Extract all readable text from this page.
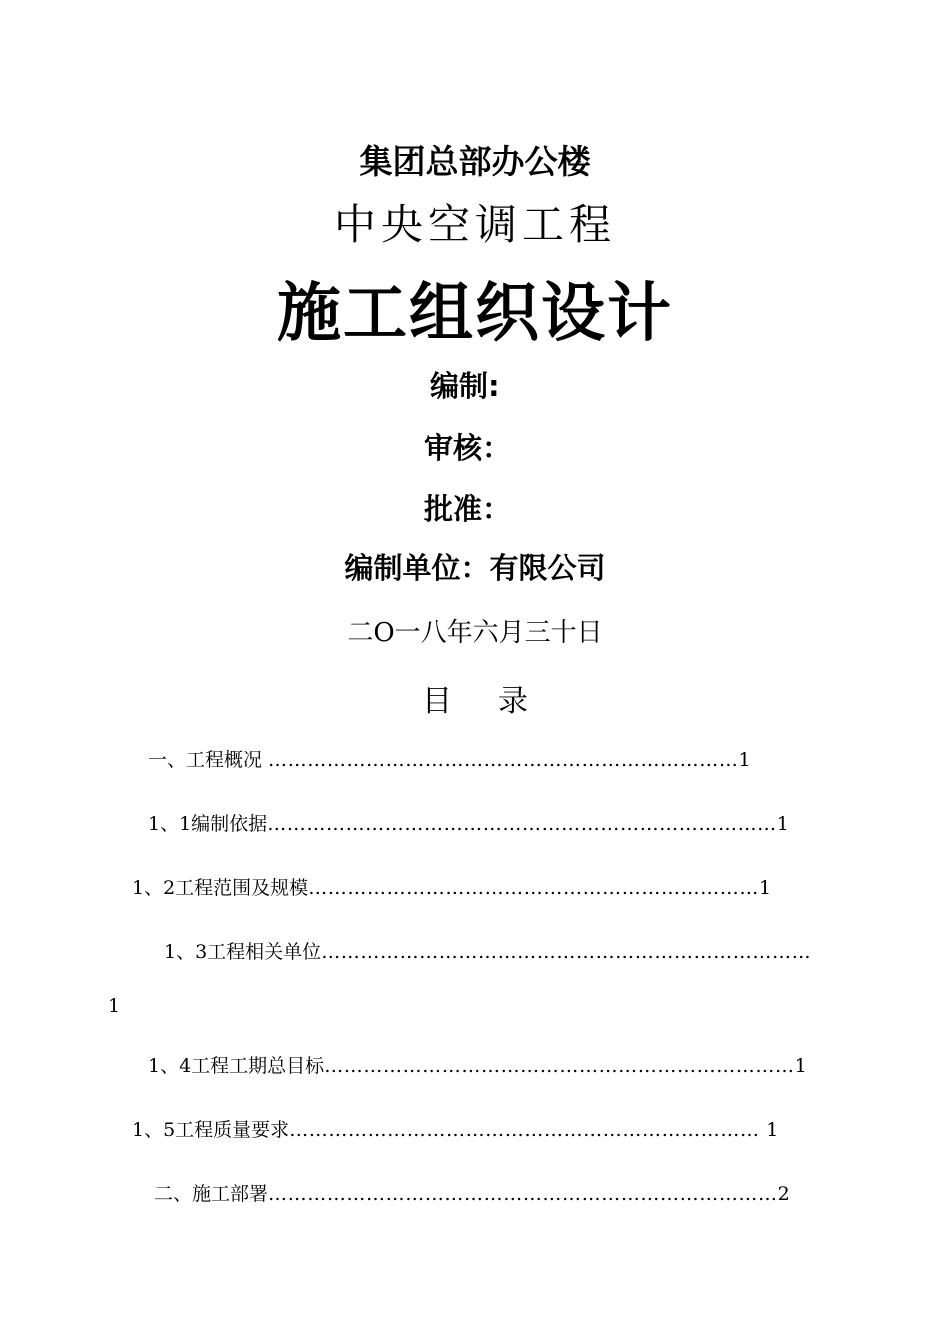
集团总部办公楼
中央空调工程
施工组织设计
编制:
审核：
批准：
编制单位：有限公司
二O一八年六月三十日
目 录
一、工程概况 ………………………………………………………………1
1、1编制依据……………………………………………………………………1
1、2工程范围及规模……………………………………………………………1
1、3工程相关单位…………………………………………………………………
1
1、4工程工期总目标………………………………………………………………1
1、5工程质量要求……………………………………………………………… 1
二、施工部署……………………………………………………………………2
